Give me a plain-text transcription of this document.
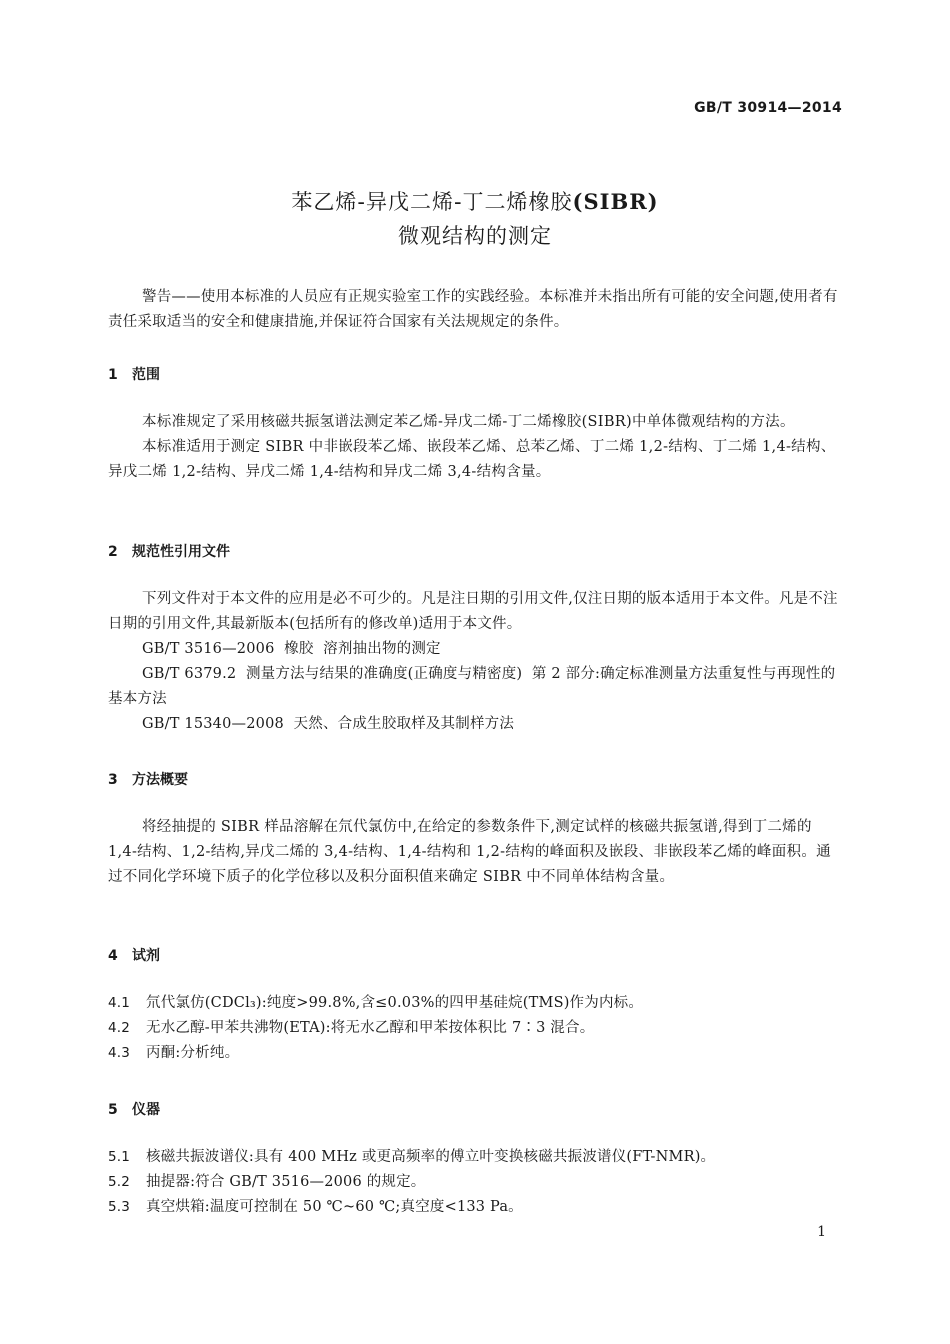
GB/T 30914—2014
苯乙烯-异戊二烯-丁二烯橡胶(SIBR)
微观结构的测定
警告——使用本标准的人员应有正规实验室工作的实践经验。本标准并未指出所有可能的安全问题,使用者有责任采取适当的安全和健康措施,并保证符合国家有关法规规定的条件。
1 范围

本标准规定了采用核磁共振氢谱法测定苯乙烯-异戊二烯-丁二烯橡胶(SIBR)中单体微观结构的方法。

本标准适用于测定 SIBR 中非嵌段苯乙烯、嵌段苯乙烯、总苯乙烯、丁二烯 1,2-结构、丁二烯 1,4-结构、异戊二烯 1,2-结构、异戊二烯 1,4-结构和异戊二烯 3,4-结构含量。

2 规范性引用文件

下列文件对于本文件的应用是必不可少的。凡是注日期的引用文件,仅注日期的版本适用于本文件。凡是不注日期的引用文件,其最新版本(包括所有的修改单)适用于本文件。

GB/T 3516—2006  橡胶  溶剂抽出物的测定

GB/T 6379.2  测量方法与结果的准确度(正确度与精密度)  第 2 部分:确定标准测量方法重复性与再现性的基本方法

GB/T 15340—2008  天然、合成生胶取样及其制样方法

3 方法概要

将经抽提的 SIBR 样品溶解在氘代氯仿中,在给定的参数条件下,测定试样的核磁共振氢谱,得到丁二烯的 1,4-结构、1,2-结构,异戊二烯的 3,4-结构、1,4-结构和 1,2-结构的峰面积及嵌段、非嵌段苯乙烯的峰面积。通过不同化学环境下质子的化学位移以及积分面积值来确定 SIBR 中不同单体结构含量。

4 试剂
4.1 氘代氯仿(CDCl₃):纯度>99.8%,含≤0.03%的四甲基硅烷(TMS)作为内标。
4.2 无水乙醇-甲苯共沸物(ETA):将无水乙醇和甲苯按体积比 7∶3 混合。
4.3 丙酮:分析纯。
5 仪器
5.1 核磁共振波谱仪:具有 400 MHz 或更高频率的傅立叶变换核磁共振波谱仪(FT-NMR)。
5.2 抽提器:符合 GB/T 3516—2006 的规定。
5.3 真空烘箱:温度可控制在 50 ℃~60 ℃;真空度<133 Pa。
1
